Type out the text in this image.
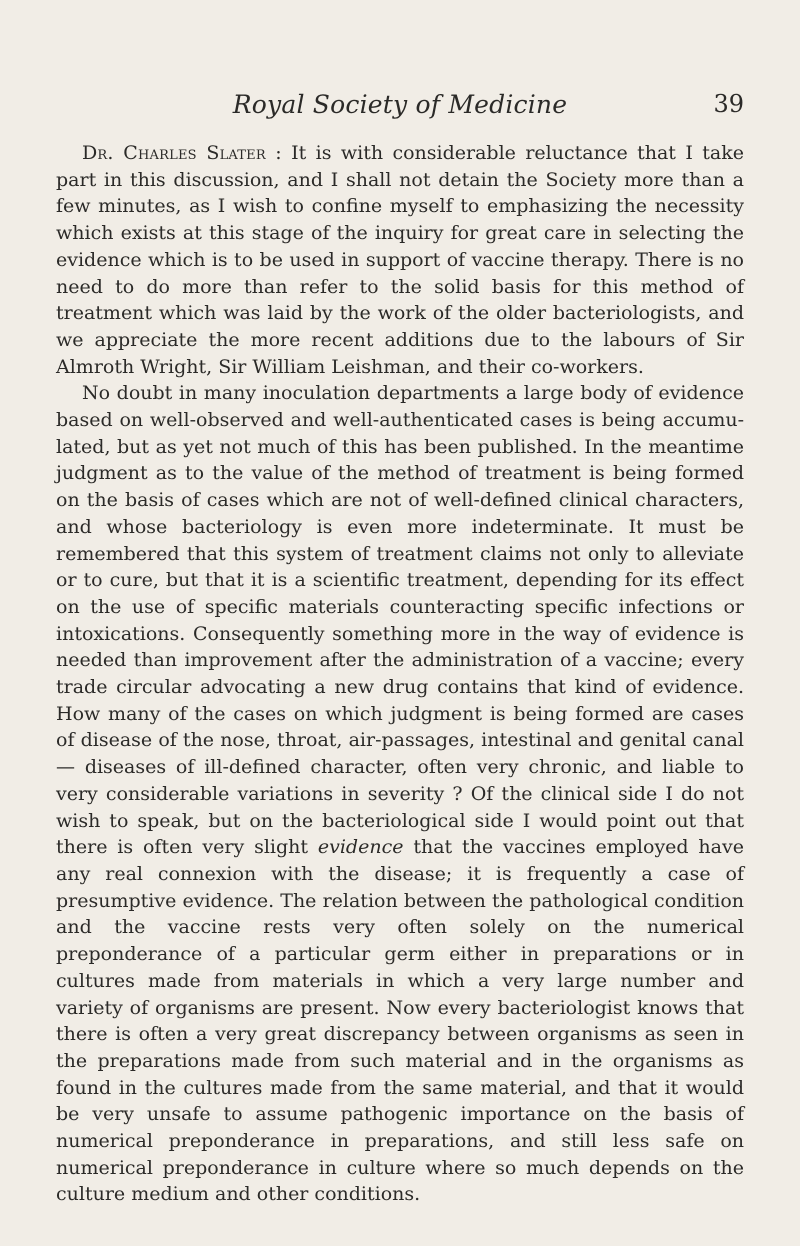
Royal Society of Medicine	39

Dr. Charles Slater : It is with considerable reluctance that I take part in this discussion, and I shall not detain the Society more than a few minutes, as I wish to confine myself to emphasizing the necessity which exists at this stage of the inquiry for great care in selecting the evidence which is to be used in support of vaccine therapy. There is no need to do more than refer to the solid basis for this method of treatment which was laid by the work of the older bacteriologists, and we appreciate the more recent additions due to the labours of Sir Almroth Wright, Sir William Leishman, and their co-workers.

No doubt in many inoculation departments a large body of evidence based on well-observed and well-authenticated cases is being accumu-lated, but as yet not much of this has been published. In the meantime judgment as to the value of the method of treatment is being formed on the basis of cases which are not of well-defined clinical characters, and whose bacteriology is even more indeterminate. It must be remembered that this system of treatment claims not only to alleviate or to cure, but that it is a scientific treatment, depending for its effect on the use of specific materials counteracting specific infections or intoxications. Consequently something more in the way of evidence is needed than improvement after the administration of a vaccine; every trade circular advocating a new drug contains that kind of evidence. How many of the cases on which judgment is being formed are cases of disease of the nose, throat, air-passages, intestinal and genital canal— diseases of ill-defined character, often very chronic, and liable to very considerable variations in severity ? Of the clinical side I do not wish to speak, but on the bacteriological side I would point out that there is often very slight evidence that the vaccines employed have any real connexion with the disease; it is frequently a case of presumptive evidence. The relation between the pathological condition and the vaccine rests very often solely on the numerical preponderance of a particular germ either in preparations or in cultures made from materials in which a very large number and variety of organisms are present. Now every bacteriologist knows that there is often a very great discrepancy between organisms as seen in the preparations made from such material and in the organisms as found in the cultures made from the same material, and that it would be very unsafe to assume pathogenic importance on the basis of numerical preponderance in preparations, and still less safe on numerical preponderance in culture where so much depends on the culture medium and other conditions.
